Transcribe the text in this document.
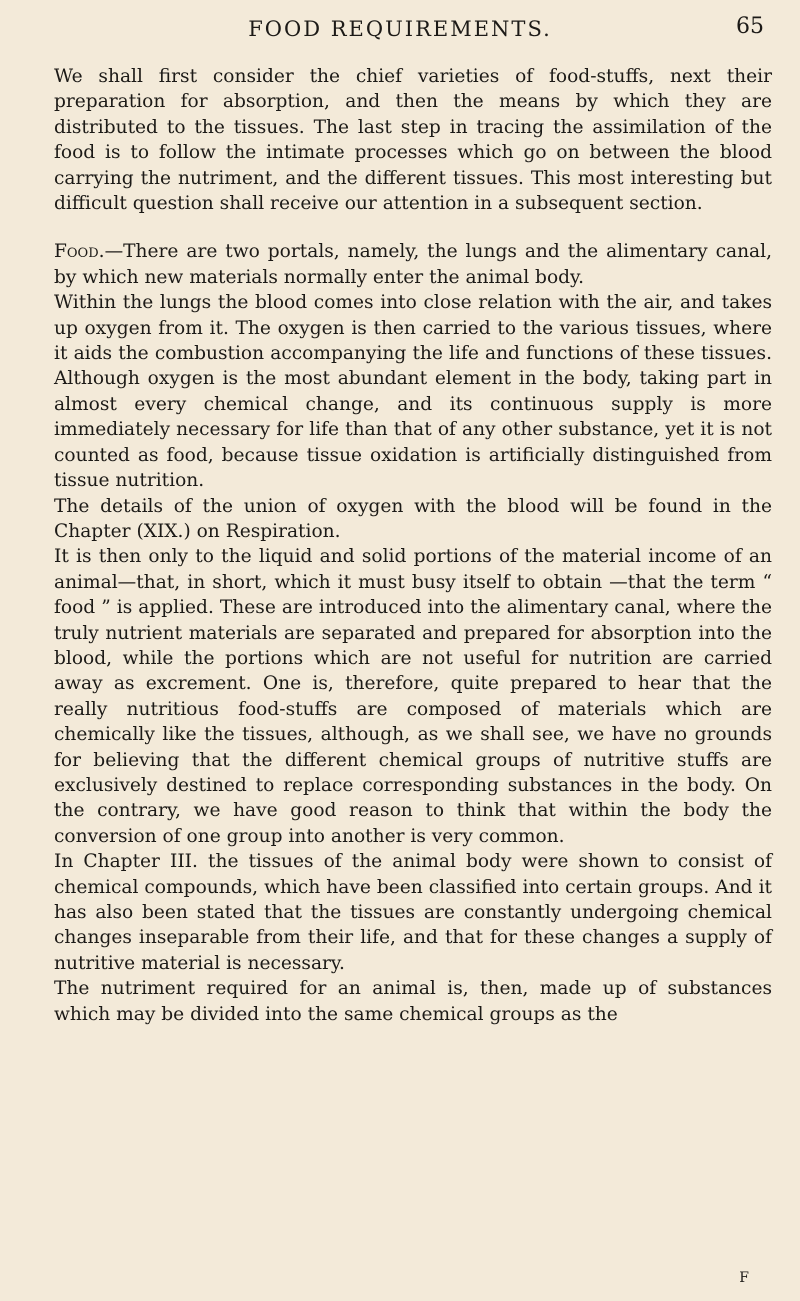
FOOD REQUIREMENTS.	65

We shall first consider the chief varieties of food-stuffs, next their preparation for absorption, and then the means by which they are distributed to the tissues. The last step in tracing the assimilation of the food is to follow the intimate processes which go on between the blood carrying the nutriment, and the different tissues. This most interesting but difficult question shall receive our attention in a subsequent section.

Food.—There are two portals, namely, the lungs and the alimentary canal, by which new materials normally enter the animal body.

Within the lungs the blood comes into close relation with the air, and takes up oxygen from it. The oxygen is then carried to the various tissues, where it aids the combustion accompanying the life and functions of these tissues. Although oxygen is the most abundant element in the body, taking part in almost every chemical change, and its continuous supply is more immediately necessary for life than that of any other substance, yet it is not counted as food, because tissue oxidation is artificially distinguished from tissue nutrition.

The details of the union of oxygen with the blood will be found in the Chapter (XIX.) on Respiration.

It is then only to the liquid and solid portions of the material income of an animal—that, in short, which it must busy itself to obtain —that the term “ food ” is applied. These are introduced into the alimentary canal, where the truly nutrient materials are separated and prepared for absorption into the blood, while the portions which are not useful for nutrition are carried away as excrement. One is, therefore, quite prepared to hear that the really nutritious food-stuffs are composed of materials which are chemically like the tissues, although, as we shall see, we have no grounds for believing that the different chemical groups of nutritive stuffs are exclusively destined to replace corresponding substances in the body. On the contrary, we have good reason to think that within the body the conversion of one group into another is very common.

In Chapter III. the tissues of the animal body were shown to consist of chemical compounds, which have been classified into certain groups. And it has also been stated that the tissues are constantly undergoing chemical changes inseparable from their life, and that for these changes a supply of nutritive material is necessary.

The nutriment required for an animal is, then, made up of substances which may be divided into the same chemical groups as the

F
